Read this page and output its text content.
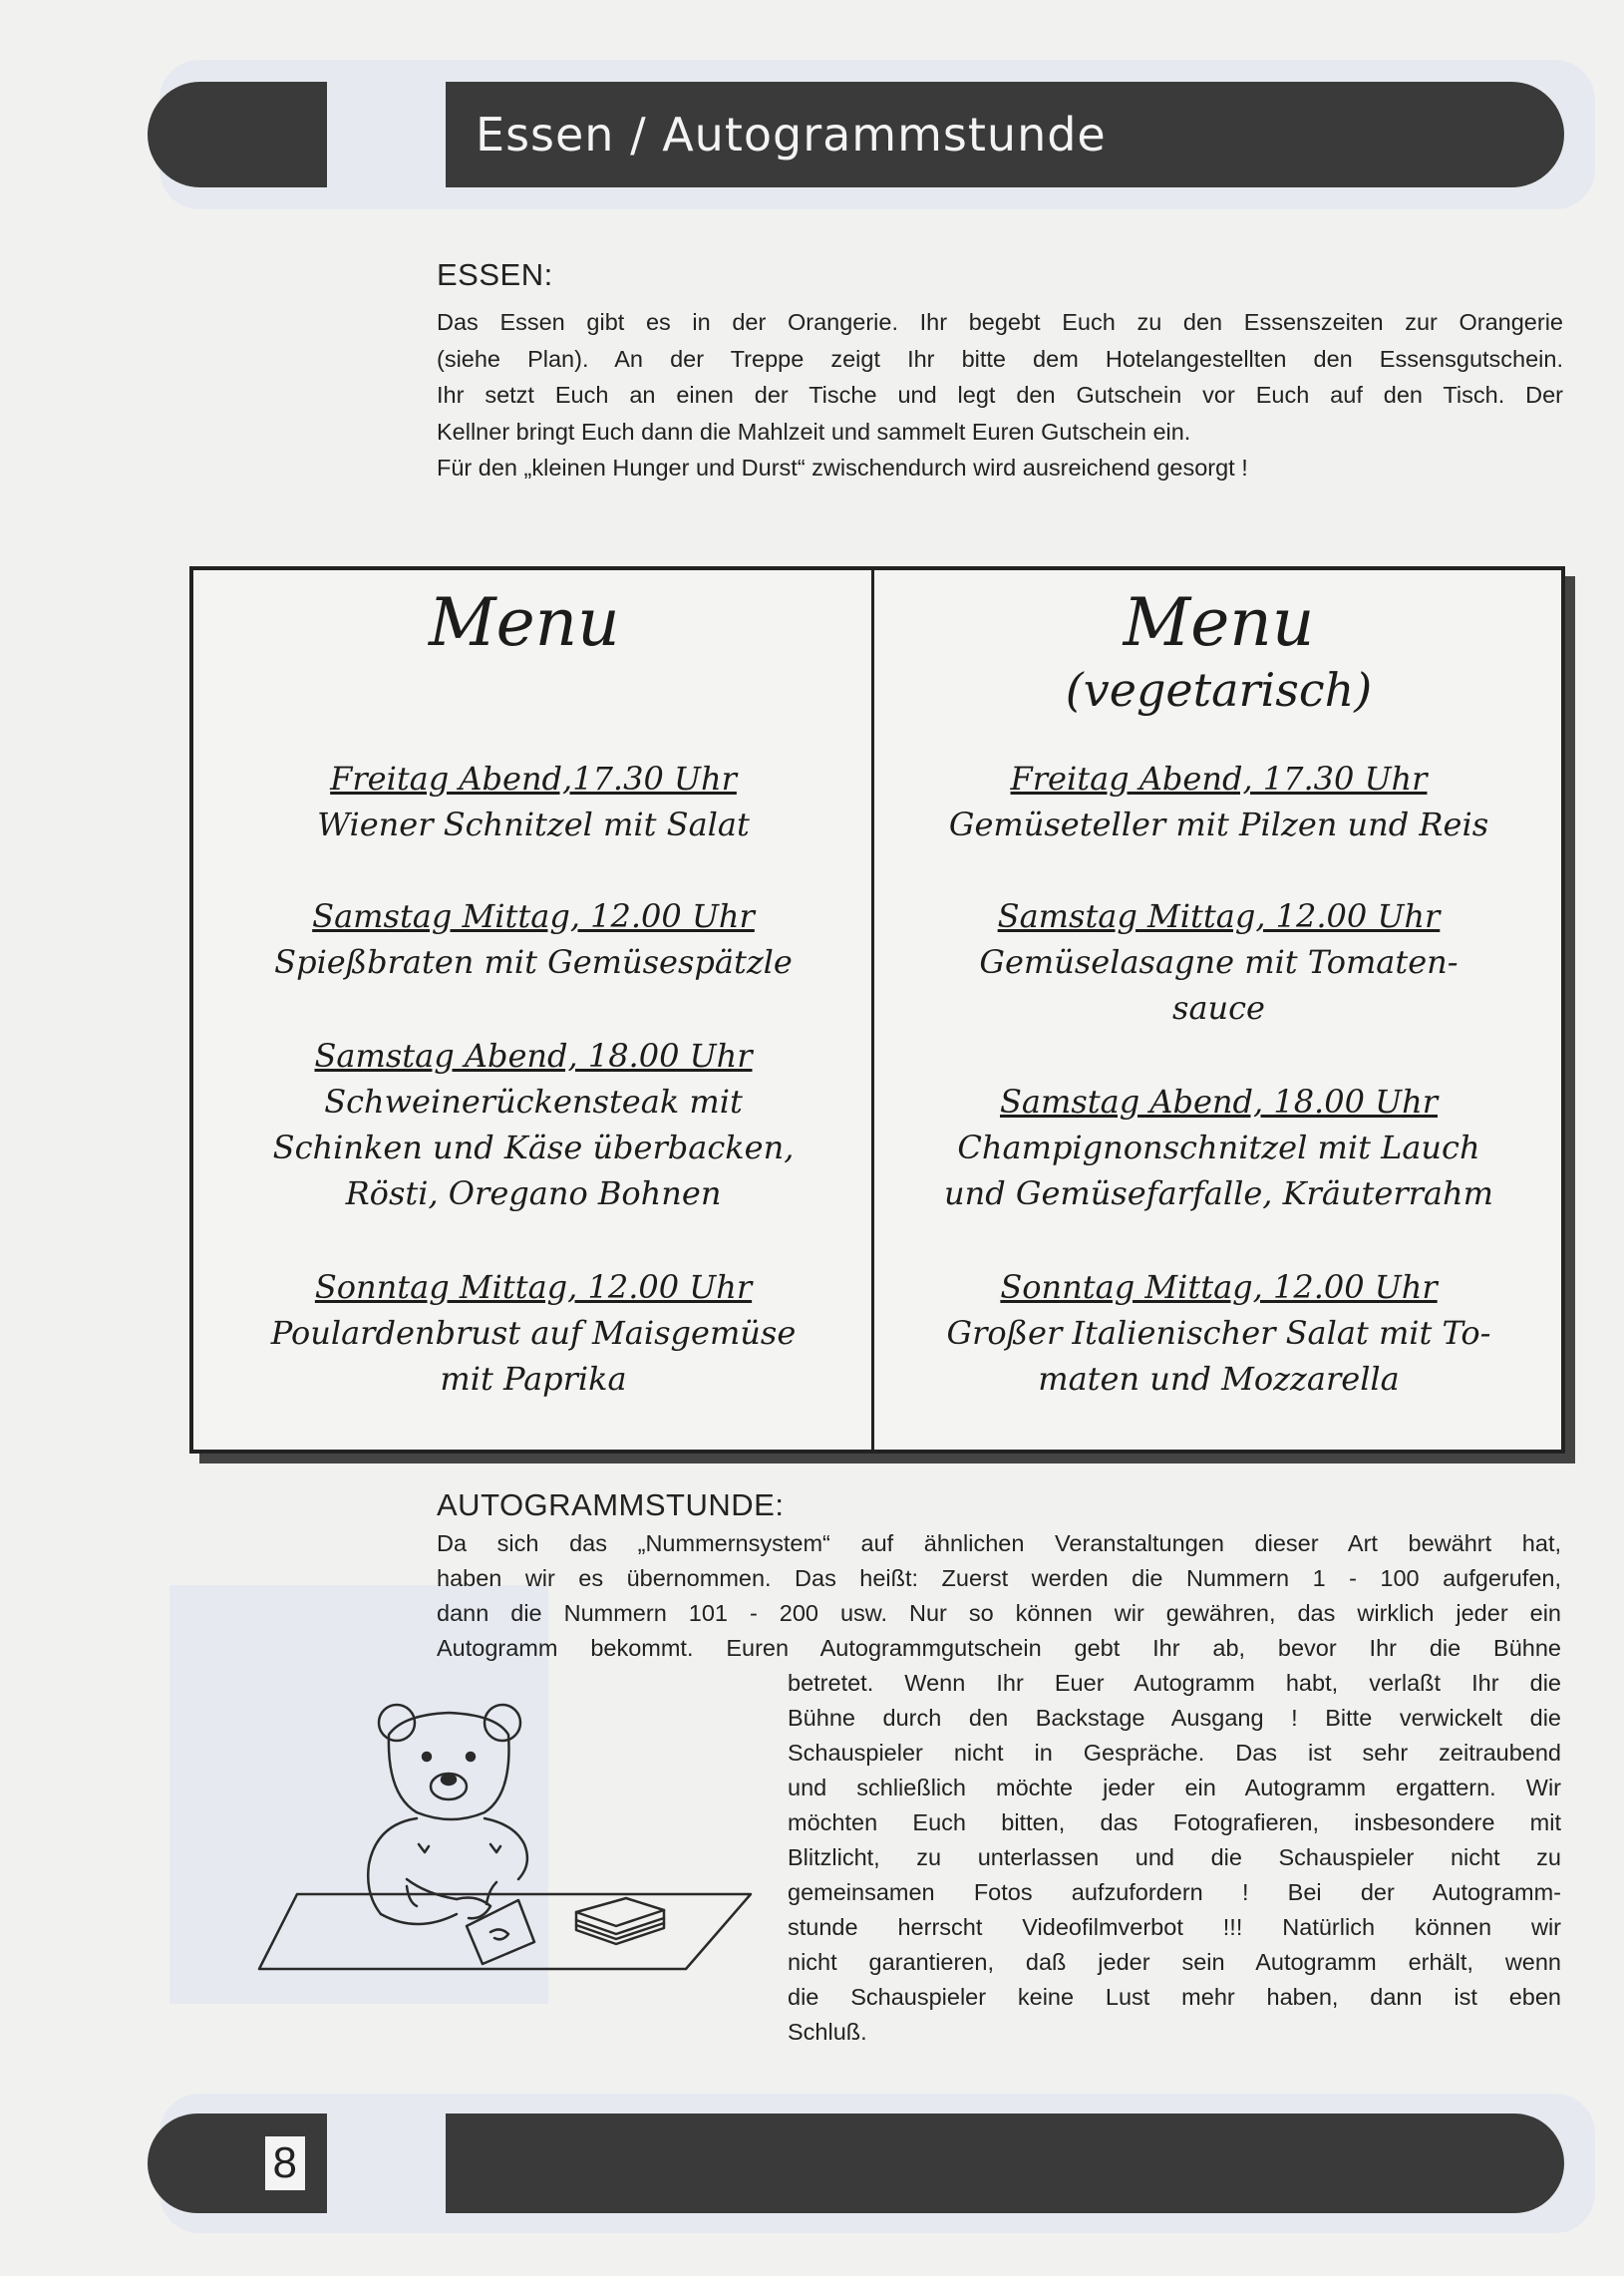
Essen / Autogrammstunde
ESSEN:

Das Essen gibt es in der Orangerie. Ihr begebt Euch zu den Essenszeiten zur Orangerie

(siehe Plan). An der Treppe zeigt Ihr bitte dem Hotelangestellten den Essensgutschein.

Ihr setzt Euch an einen der Tische und legt den Gutschein vor Euch auf den Tisch. Der

Kellner bringt Euch dann die Mahlzeit und sammelt Euren Gutschein ein.

Für den „kleinen Hunger und Durst“ zwischendurch wird ausreichend gesorgt !

Menu
Freitag Abend,17.30 Uhr
Wiener Schnitzel mit Salat
Samstag Mittag, 12.00 Uhr
Spießbraten mit Gemüsespätzle
Samstag Abend, 18.00 Uhr
Schweinerückensteak mit
Schinken und Käse überbacken,
Rösti, Oregano Bohnen
Sonntag Mittag, 12.00 Uhr
Poulardenbrust auf Maisgemüse
mit Paprika
Menu
(vegetarisch)
Freitag Abend, 17.30 Uhr
Gemüseteller mit Pilzen und Reis
Samstag Mittag, 12.00 Uhr
Gemüselasagne mit Tomaten-
sauce
Samstag Abend, 18.00 Uhr
Champignonschnitzel mit Lauch
und Gemüsefarfalle, Kräuterrahm
Sonntag Mittag, 12.00 Uhr
Großer Italienischer Salat mit To-
maten und Mozzarella
AUTOGRAMMSTUNDE:

Da sich das „Nummernsystem“ auf ähnlichen Veranstaltungen dieser Art bewährt hat,

haben wir es übernommen. Das heißt: Zuerst werden die Nummern 1 - 100 aufgerufen,

dann die Nummern 101 - 200 usw. Nur so können wir gewähren, das wirklich jeder ein

Autogramm bekommt. Euren Autogrammgutschein gebt Ihr ab, bevor Ihr die Bühne

betretet. Wenn Ihr Euer Autogramm habt, verlaßt Ihr die

Bühne durch den Backstage Ausgang ! Bitte verwickelt die

Schauspieler nicht in Gespräche. Das ist sehr zeitraubend

und schließlich möchte jeder ein Autogramm ergattern. Wir

möchten Euch bitten, das Fotografieren, insbesondere mit

Blitzlicht, zu unterlassen und die Schauspieler nicht zu

gemeinsamen Fotos aufzufordern ! Bei der Autogramm-

stunde herrscht Videofilmverbot !!! Natürlich können wir

nicht garantieren, daß jeder sein Autogramm erhält, wenn

die Schauspieler keine Lust mehr haben, dann ist eben

Schluß.

8
